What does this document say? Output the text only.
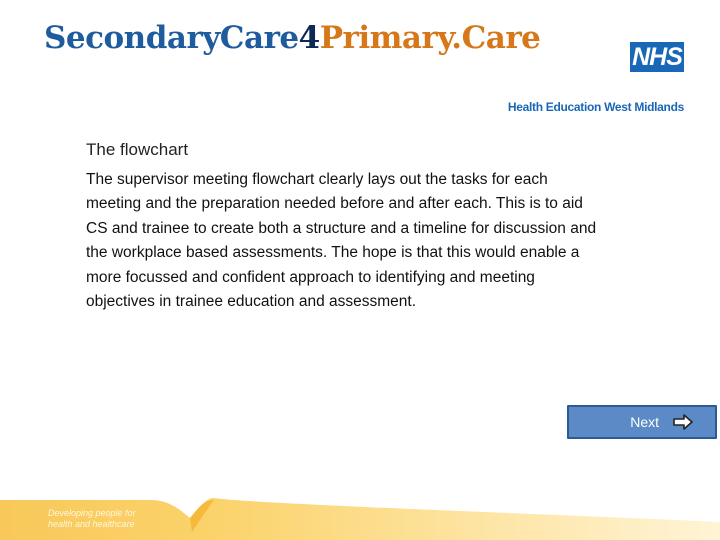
SecondaryCare4Primary.Care
NHS
Health Education West Midlands
The flowchart

The supervisor meeting flowchart clearly lays out the tasks for each meeting and the preparation needed before and after each. This is to aid CS and trainee to create both a structure and a timeline for discussion and the workplace based assessments. The hope is that this would enable a more focussed and confident approach to identifying and meeting objectives in trainee education and assessment.

Next
Developing people for health and healthcare
